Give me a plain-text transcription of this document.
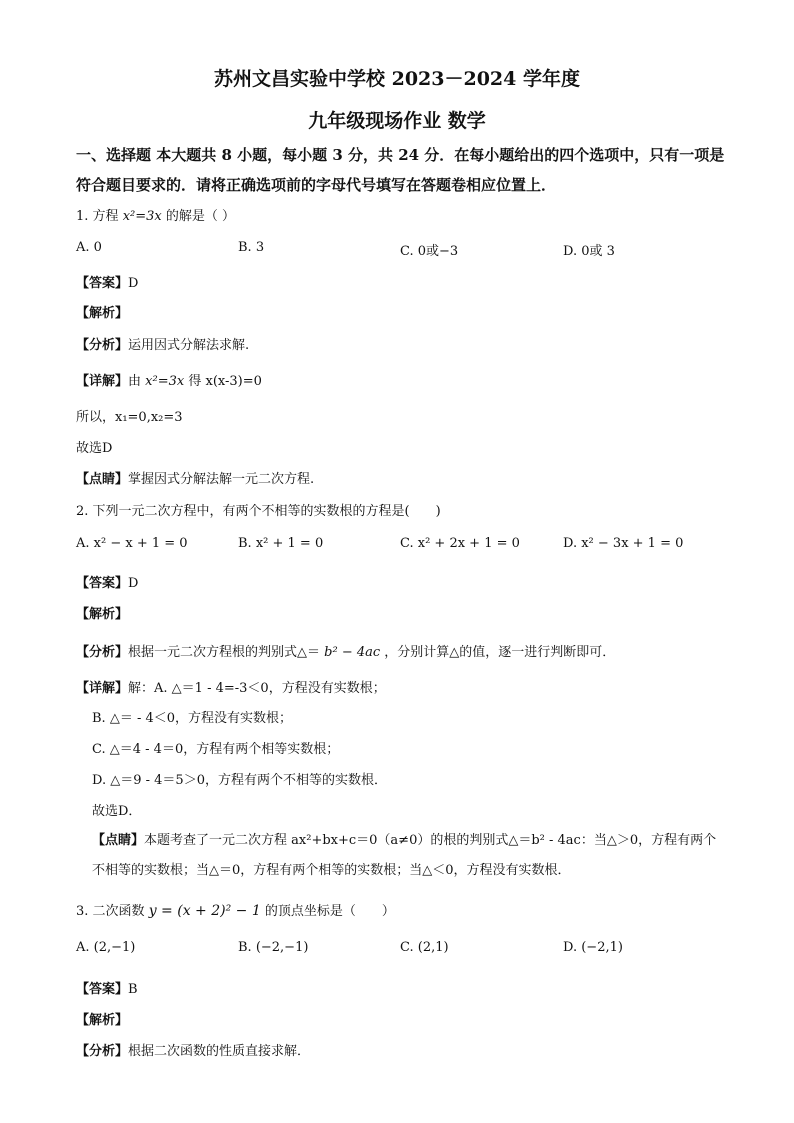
苏州文昌实验中学校 2023－2024 学年度
九年级现场作业 数学
一、选择题 本大题共 8 小题，每小题 3 分，共 24 分．在每小题给出的四个选项中，只有一项是符合题目要求的．请将正确选项前的字母代号填写在答题卷相应位置上．
1. 方程 x²=3x 的解是（ ）
A. 0	B. 3	C. 0或−3	D. 0或 3
【答案】D
【解析】
【分析】运用因式分解法求解.
【详解】由 x²=3x 得 x(x-3)=0
所以，x₁=0,x₂=3
故选D
【点睛】掌握因式分解法解一元二次方程.
2. 下列一元二次方程中，有两个不相等的实数根的方程是(　　)
A. x² − x + 1 = 0	B. x² + 1 = 0	C. x² + 2x + 1 = 0	D. x² − 3x + 1 = 0
【答案】D
【解析】
【分析】根据一元二次方程根的判别式△＝ b² − 4ac ，分别计算△的值，逐一进行判断即可．
【详解】解：A. △＝1 - 4=-3＜0，方程没有实数根；
B. △＝ - 4＜0，方程没有实数根；
C. △＝4 - 4＝0，方程有两个相等实数根；
D. △＝9 - 4＝5＞0，方程有两个不相等的实数根．
故选D．
【点睛】本题考查了一元二次方程 ax²+bx+c＝0（a≠0）的根的判别式△＝b² - 4ac：当△＞0，方程有两个不相等的实数根；当△＝0，方程有两个相等的实数根；当△＜0，方程没有实数根．
3. 二次函数 y = (x + 2)² − 1 的顶点坐标是（　　）
A. (2,−1)	B. (−2,−1)	C. (2,1)	D. (−2,1)
【答案】B
【解析】
【分析】根据二次函数的性质直接求解．
